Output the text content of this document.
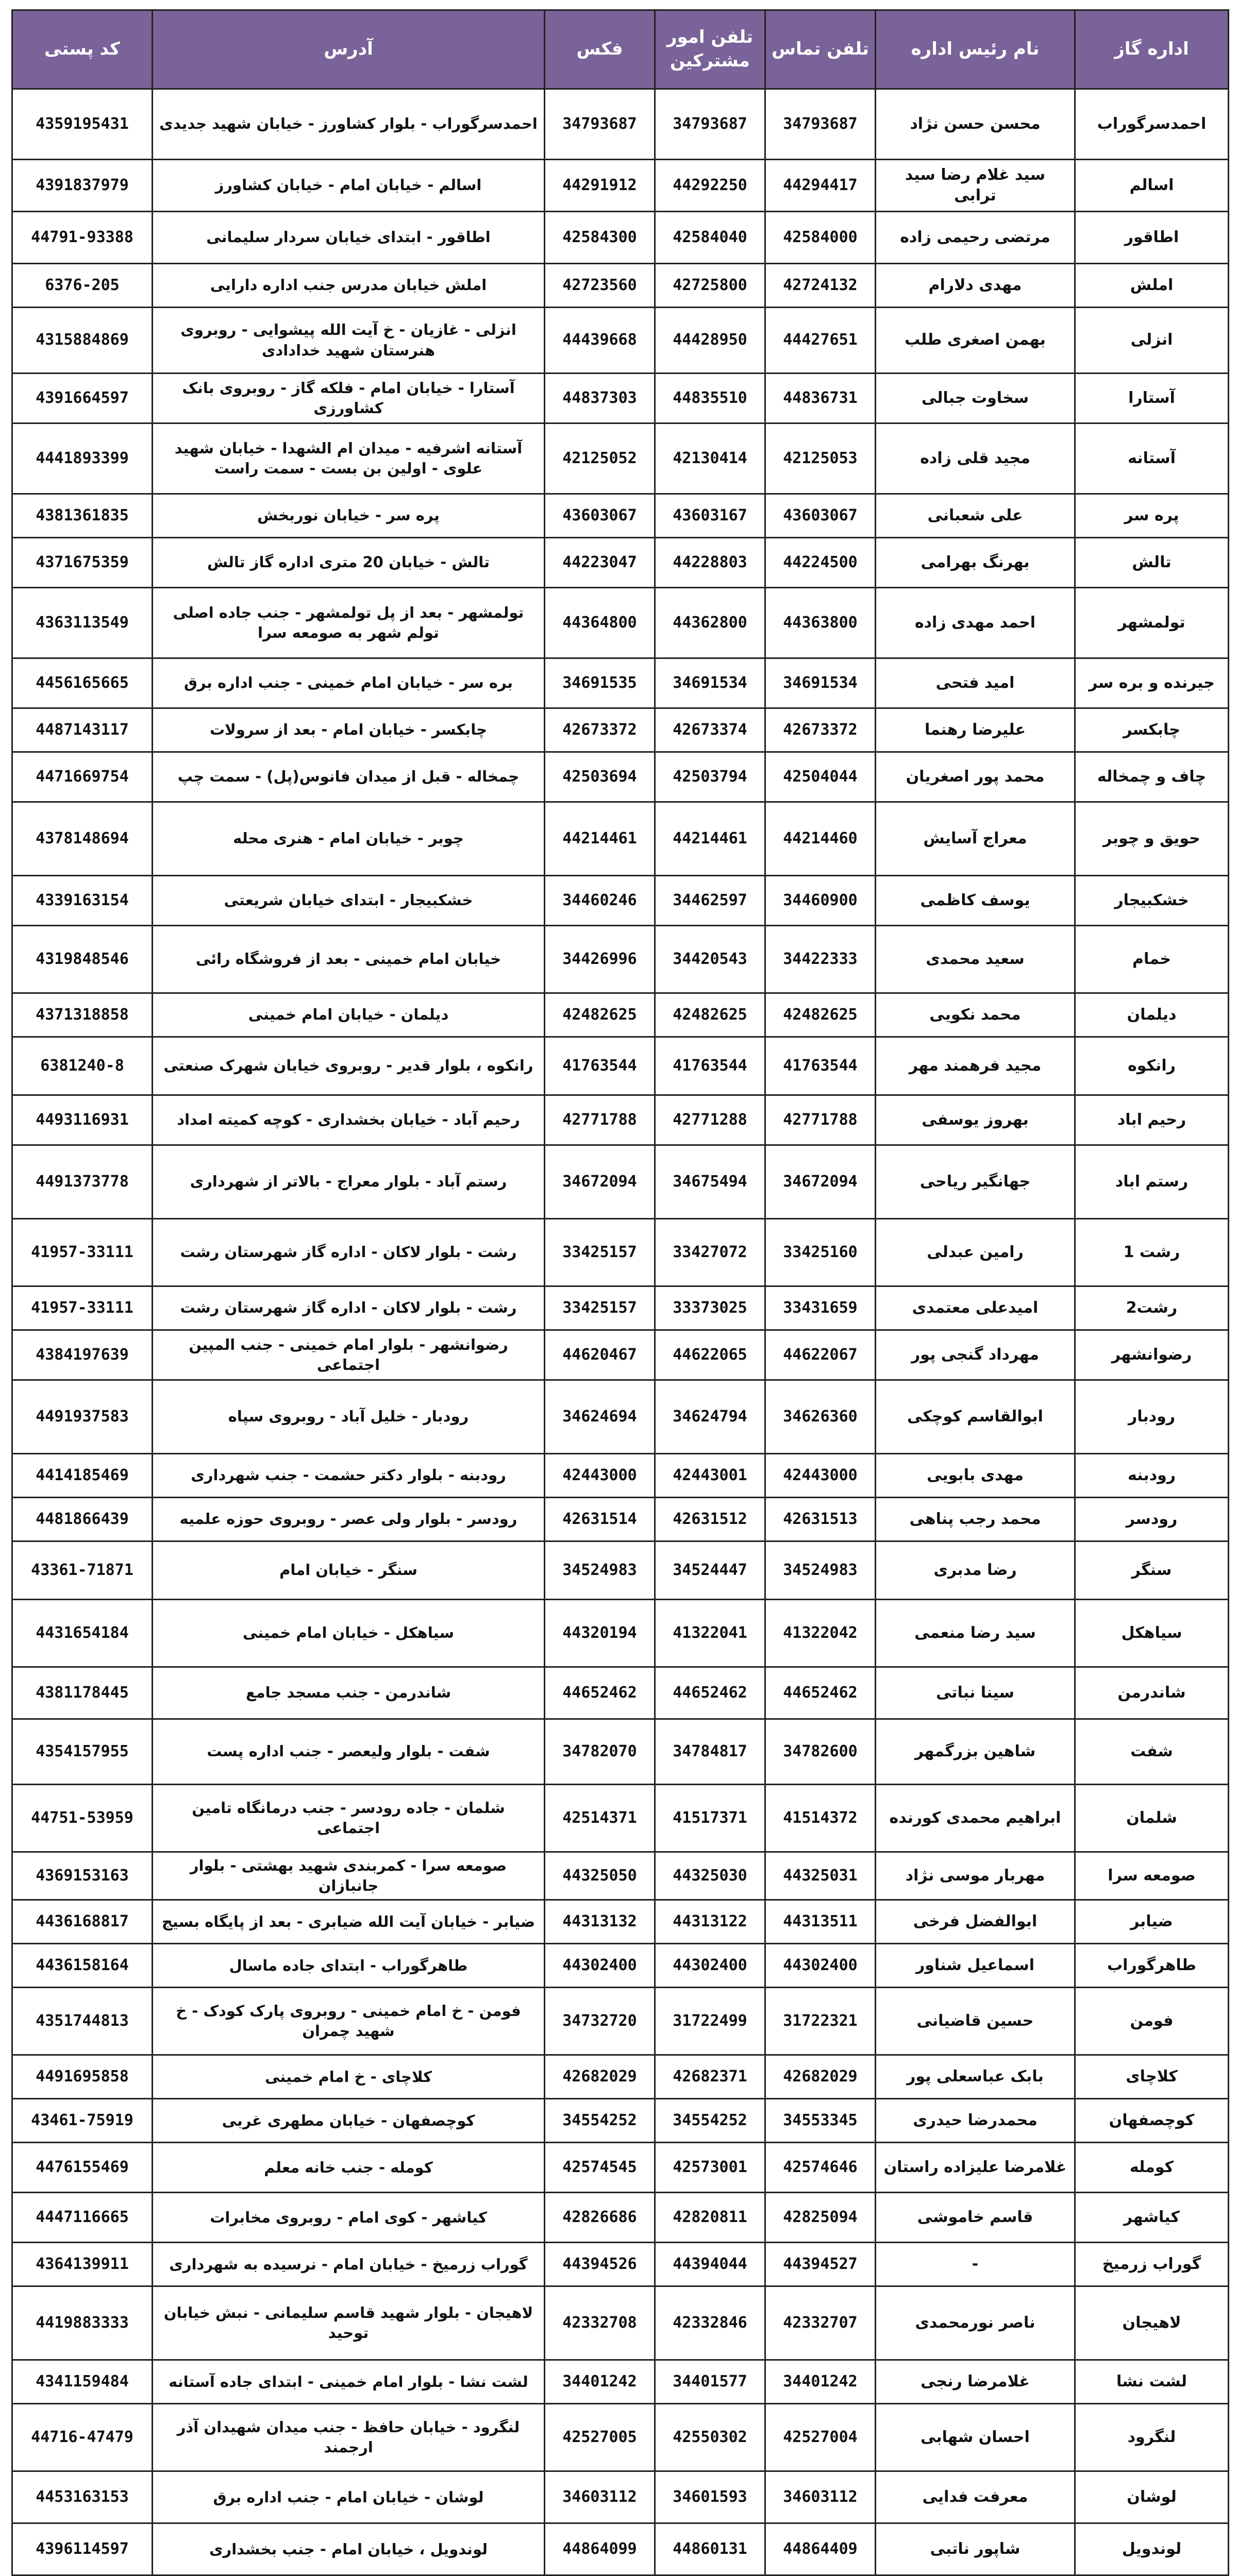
اداره گاز	نام رئیس اداره	تلفن تماس	تلفن امور مشترکین	فکس	آدرس	کد پستی
احمدسرگوراب	محسن حسن نژاد	34793687	34793687	34793687	احمدسرگوراب - بلوار کشاورز - خیابان شهید جدیدی	4359195431
اسالم	سید غلام رضا سید ترابی	44294417	44292250	44291912	اسالم - خیابان امام - خیابان کشاورز	4391837979
اطاقور	مرتضی رحیمی زاده	42584000	42584040	42584300	اطاقور - ابتدای خیابان سردار سلیمانی	44791-93388
املش	مهدی دلارام	42724132	42725800	42723560	املش خیابان مدرس جنب اداره دارایی	6376-205
انزلی	بهمن اصغری طلب	44427651	44428950	44439668	انزلی - غازیان - خ آیت الله پیشوایی - روبروی هنرستان شهید خدادادی	4315884869
آستارا	سخاوت جبالی	44836731	44835510	44837303	آستارا - خیابان امام - فلکه گاز - روبروی بانک کشاورزی	4391664597
آستانه	مجید قلی زاده	42125053	42130414	42125052	آستانه اشرفیه - میدان ام الشهدا - خیابان شهید علوی - اولین بن بست - سمت راست	4441893399
پره سر	علی شعبانی	43603067	43603167	43603067	پره سر - خیابان نوربخش	4381361835
تالش	بهرنگ بهرامی	44224500	44228803	44223047	تالش - خیابان 20 متری اداره گاز تالش	4371675359
تولمشهر	احمد مهدی زاده	44363800	44362800	44364800	تولمشهر - بعد از پل تولمشهر - جنب جاده اصلی تولم شهر به صومعه سرا	4363113549
جیرنده و بره سر	امید فتحی	34691534	34691534	34691535	بره سر - خیابان امام خمینی - جنب اداره برق	4456165665
چابکسر	علیرضا رهنما	42673372	42673374	42673372	چابکسر - خیابان امام - بعد از سرولات	4487143117
چاف و چمخاله	محمد پور اصغریان	42504044	42503794	42503694	چمخاله - قبل از میدان فانوس(پل) - سمت چپ	4471669754
حویق و چوبر	معراج آسایش	44214460	44214461	44214461	چوبر - خیابان امام - هنری محله	4378148694
خشکبیجار	یوسف کاظمی	34460900	34462597	34460246	خشکبیجار - ابتدای خیابان شریعتی	4339163154
خمام	سعید محمدی	34422333	34420543	34426996	خیابان امام خمینی - بعد از فروشگاه رائی	4319848546
دیلمان	محمد نکویی	42482625	42482625	42482625	دیلمان - خیابان امام خمینی	4371318858
رانکوه	مجید فرهمند مهر	41763544	41763544	41763544	رانکوه ، بلوار قدیر - روبروی خیابان شهرک صنعتی	6381240-8
رحیم اباد	بهروز یوسفی	42771788	42771288	42771788	رحیم آباد - خیابان بخشداری - کوچه کمیته امداد	4493116931
رستم اباد	جهانگیر ریاحی	34672094	34675494	34672094	رستم آباد - بلوار معراج - بالاتر از شهرداری	4491373778
رشت 1	رامین عبدلی	33425160	33427072	33425157	رشت - بلوار لاکان - اداره گاز شهرستان رشت	41957-33111
رشت2	امیدعلی معتمدی	33431659	33373025	33425157	رشت - بلوار لاکان - اداره گاز شهرستان رشت	41957-33111
رضوانشهر	مهرداد گنجی پور	44622067	44622065	44620467	رضوانشهر - بلوار امام خمینی - جنب المپین اجتماعی	4384197639
رودبار	ابوالقاسم کوچکی	34626360	34624794	34624694	رودبار - خلیل آباد - روبروی سپاه	4491937583
رودبنه	مهدی بابویی	42443000	42443001	42443000	رودبنه - بلوار دکتر حشمت - جنب شهرداری	4414185469
رودسر	محمد رجب پناهی	42631513	42631512	42631514	رودسر - بلوار ولی عصر - روبروی حوزه علمیه	4481866439
سنگر	رضا مدبری	34524983	34524447	34524983	سنگر - خیابان امام	43361-71871
سیاهکل	سید رضا منعمی	41322042	41322041	44320194	سیاهکل - خیابان امام خمینی	4431654184
شاندرمن	سینا نباتی	44652462	44652462	44652462	شاندرمن - جنب مسجد جامع	4381178445
شفت	شاهین بزرگمهر	34782600	34784817	34782070	شفت - بلوار ولیعصر - جنب اداره پست	4354157955
شلمان	ابراهیم محمدی کورنده	41514372	41517371	42514371	شلمان - جاده رودسر - جنب درمانگاه تامین اجتماعی	44751-53959
صومعه سرا	مهربار موسی نژاد	44325031	44325030	44325050	صومعه سرا - کمربندی شهید بهشتی - بلوار جانبازان	4369153163
ضیابر	ابوالفضل فرخی	44313511	44313122	44313132	ضیابر - خیابان آیت الله ضیابری - بعد از پایگاه بسیج	4436168817
طاهرگوراب	اسماعیل شناور	44302400	44302400	44302400	طاهرگوراب - ابتدای جاده ماسال	4436158164
فومن	حسین قاضیانی	31722321	31722499	34732720	فومن - خ امام خمینی - روبروی پارک کودک - خ شهید چمران	4351744813
کلاچای	بابک عباسعلی پور	42682029	42682371	42682029	کلاچای - خ امام خمینی	4491695858
کوچصفهان	محمدرضا حیدری	34553345	34554252	34554252	کوچصفهان - خیابان مطهری غربی	43461-75919
کومله	غلامرضا علیزاده راستان	42574646	42573001	42574545	کومله - جنب خانه معلم	4476155469
کیاشهر	قاسم خاموشی	42825094	42820811	42826686	کیاشهر - کوی امام - روبروی مخابرات	4447116665
گوراب زرمیخ	-	44394527	44394044	44394526	گوراب زرمیخ - خیابان امام - نرسیده به شهرداری	4364139911
لاهیجان	ناصر نورمحمدی	42332707	42332846	42332708	لاهیجان - بلوار شهید قاسم سلیمانی - نبش خیابان توحید	4419883333
لشت نشا	غلامرضا رنجی	34401242	34401577	34401242	لشت نشا - بلوار امام خمینی - ابتدای جاده آستانه	4341159484
لنگرود	احسان شهابی	42527004	42550302	42527005	لنگرود - خیابان حافظ - جنب میدان شهیدان آذر ارجمند	44716-47479
لوشان	معرفت فدایی	34603112	34601593	34603112	لوشان - خیابان امام - جنب اداره برق	4453163153
لوندویل	شاپور ناتبی	44864409	44860131	44864099	لوندویل ، خیابان امام - جنب بخشداری	4396114597
